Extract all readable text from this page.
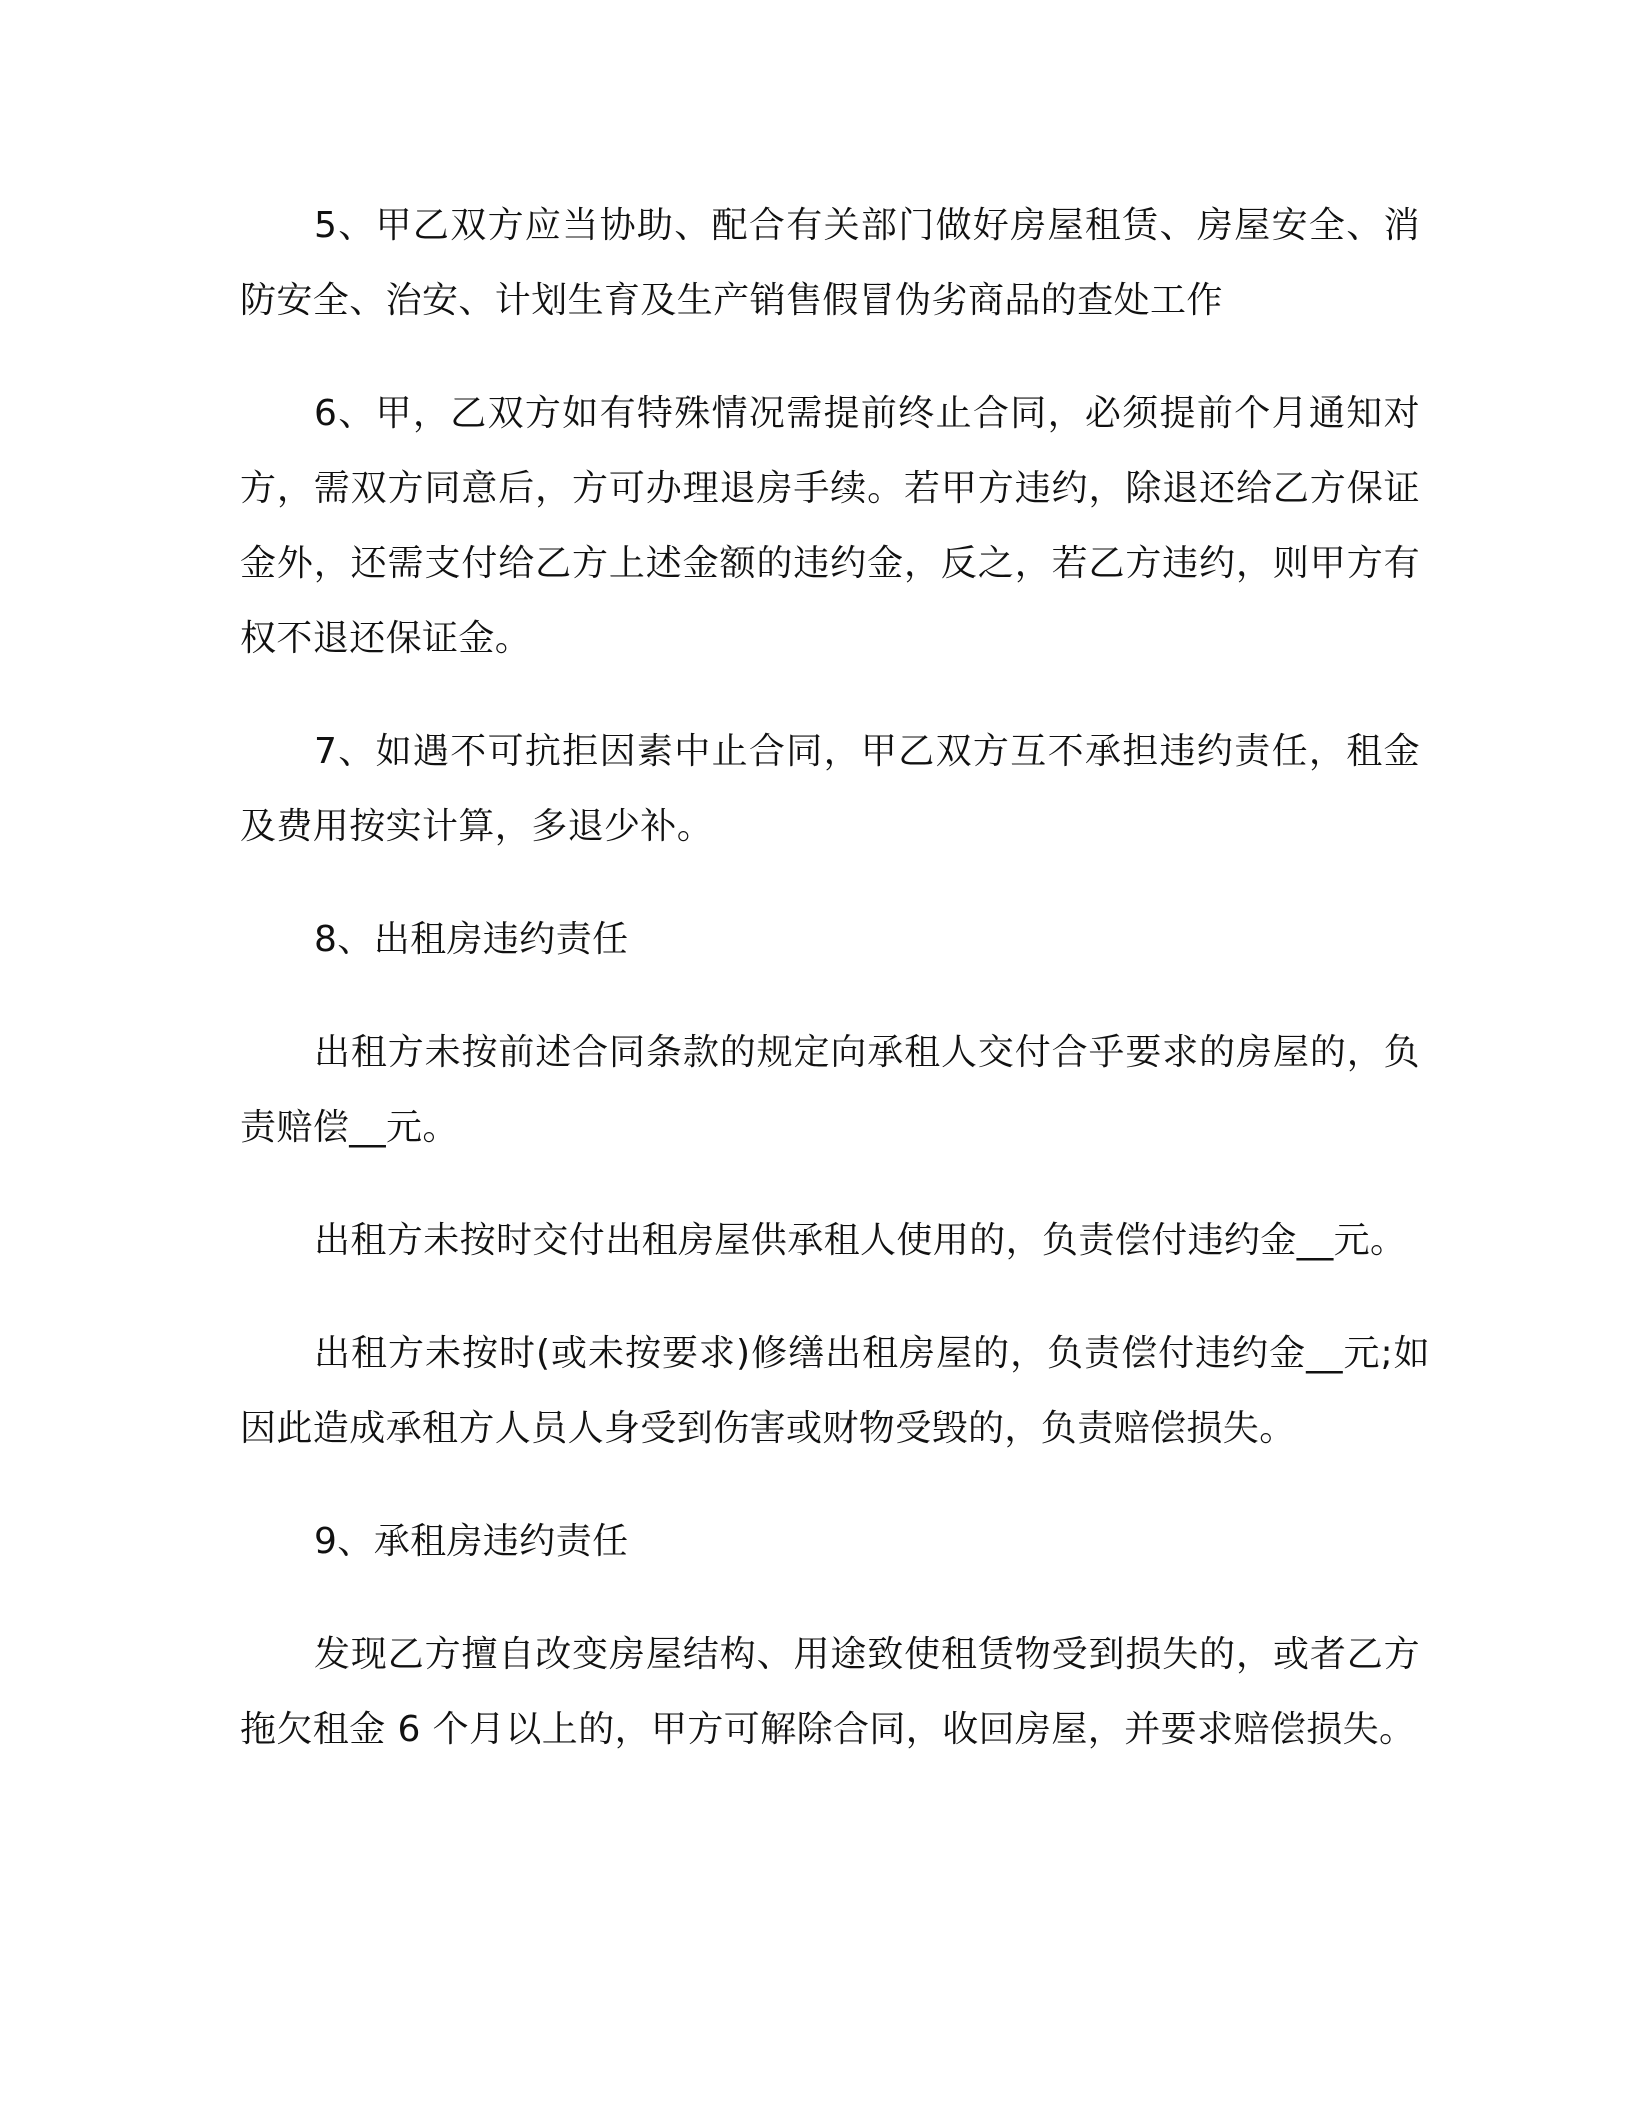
5、甲乙双方应当协助、配合有关部门做好房屋租赁、房屋安全、消防安全、治安、计划生育及生产销售假冒伪劣商品的查处工作

6、甲，乙双方如有特殊情况需提前终止合同，必须提前个月通知对方，需双方同意后，方可办理退房手续。若甲方违约，除退还给乙方保证金外，还需支付给乙方上述金额的违约金，反之，若乙方违约，则甲方有权不退还保证金。

7、如遇不可抗拒因素中止合同，甲乙双方互不承担违约责任，租金及费用按实计算，多退少补。

8、出租房违约责任

出租方未按前述合同条款的规定向承租人交付合乎要求的房屋的，负责赔偿__元。

出租方未按时交付出租房屋供承租人使用的，负责偿付违约金__元。

出租方未按时(或未按要求)修缮出租房屋的，负责偿付违约金__元;如因此造成承租方人员人身受到伤害或财物受毁的，负责赔偿损失。

9、承租房违约责任

发现乙方擅自改变房屋结构、用途致使租赁物受到损失的，或者乙方拖欠租金 6 个月以上的，甲方可解除合同，收回房屋，并要求赔偿损失。
